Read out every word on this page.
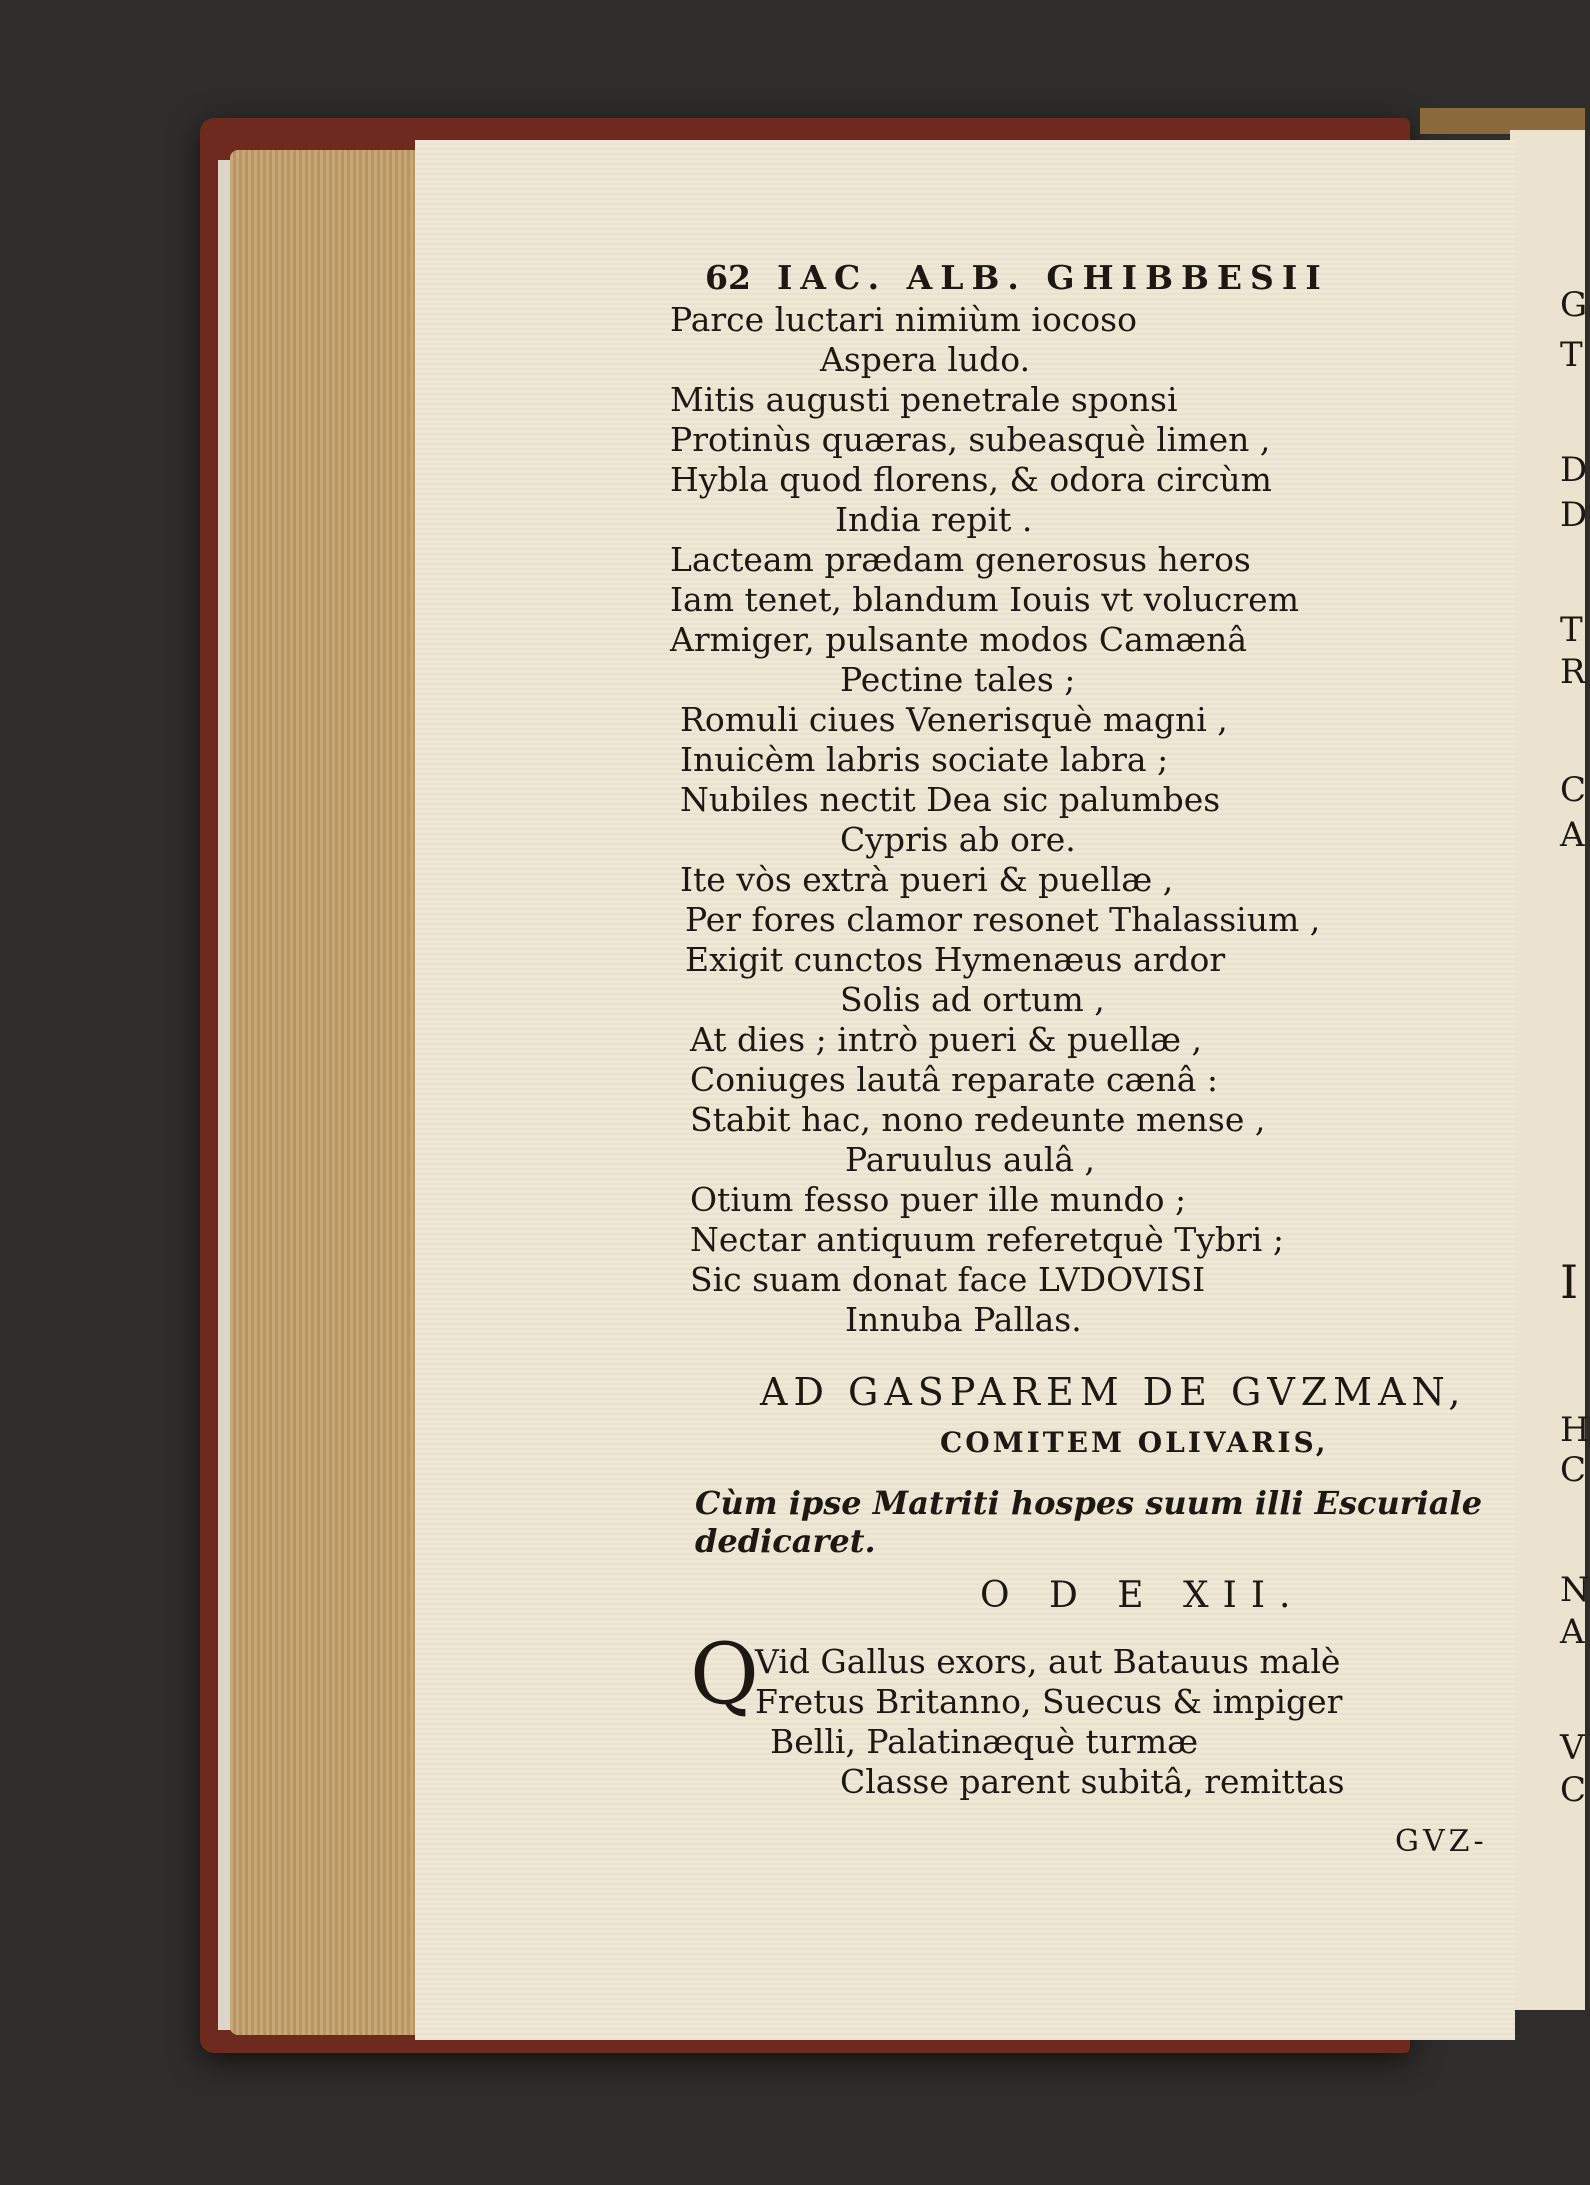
G
T
D
D
T
R
C
A
I
H
C
N
A
V
C
62 IAC. ALB. GHIBBESII
Parce luctari nimiùm iocoso
Aspera ludo.
Mitis augusti penetrale sponsi
Protinùs quæras, subeasquè limen ,
Hybla quod florens, & odora circùm
India repit .
Lacteam prædam generosus heros
Iam tenet, blandum Iouis vt volucrem
Armiger, pulsante modos Camænâ
Pectine tales ;
Romuli ciues Venerisquè magni ,
Inuicèm labris sociate labra ;
Nubiles nectit Dea sic palumbes
Cypris ab ore.
Ite vòs extrà pueri & puellæ ,
Per fores clamor resonet Thalassium ,
Exigit cunctos Hymenæus ardor
Solis ad ortum ,
At dies ; intrò pueri & puellæ ,
Coniuges lautâ reparate cænâ :
Stabit hac, nono redeunte mense ,
Paruulus aulâ ,
Otium fesso puer ille mundo ;
Nectar antiquum referetquè Tybri ;
Sic suam donat face LVDOVISI
Innuba Pallas.
AD GASPAREM DE GVZMAN,
COMITEM OLIVARIS,
Cùm ipse Matriti hospes suum illi Escuriale dedicaret.
O D E XII.
Q
Vid Gallus exors, aut Batauus malè
Fretus Britanno, Suecus & impiger
Belli, Palatinæquè turmæ
Classe parent subitâ, remittas
GVZ-
